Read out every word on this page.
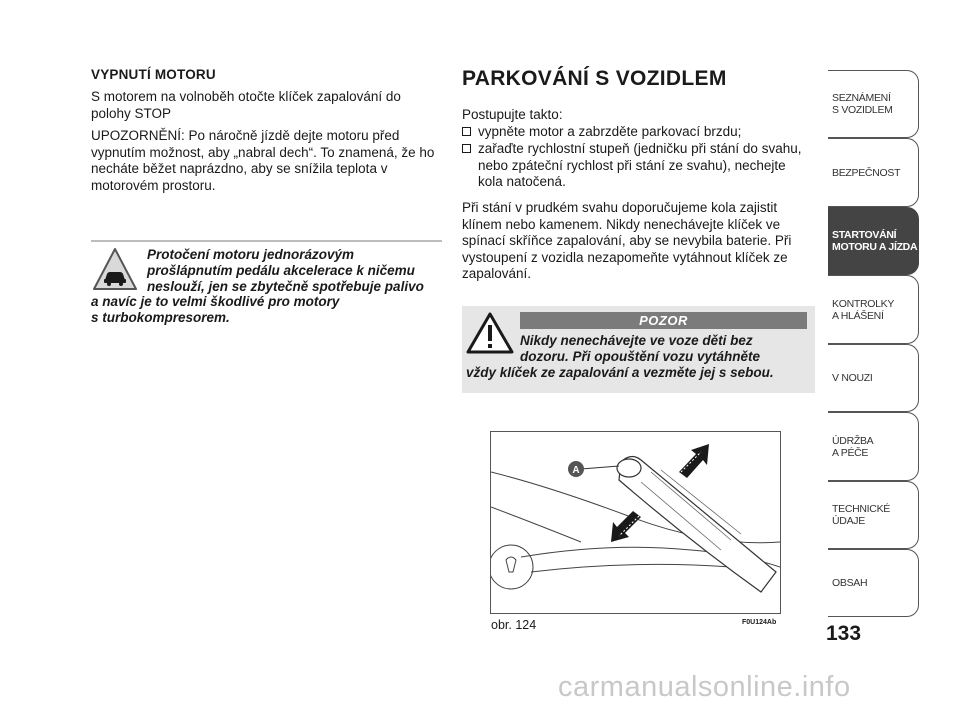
VYPNUTÍ MOTORU
S motorem na volnoběh otočte klíček zapalování do polohy STOP
UPOZORNĚNÍ: Po náročně jízdě dejte motoru před vypnutím možnost, aby „nabral dech“. To znamená, že ho necháte běžet naprázdno, aby se snížila teplota v motorovém prostoru.
Protočení motoru jednorázovým
prošlápnutím pedálu akcelerace k ničemu
neslouží, jen se zbytečně spotřebuje palivo
a navíc je to velmi škodlivé pro motory
s turbokompresorem.
PARKOVÁNÍ S VOZIDLEM
Postupujte takto:
vypněte motor a zabrzděte parkovací brzdu;
zařaďte rychlostní stupeň (jedničku při stání do svahu, nebo zpáteční rychlost při stání ze svahu), nechejte kola natočená.
Při stání v prudkém svahu doporučujeme kola zajistit klínem nebo kamenem. Nikdy nenechávejte klíček ve spínací skříňce zapalování, aby se nevybila baterie. Při vystoupení z vozidla nezapomeňte vytáhnout klíček ze zapalování.
POZOR
Nikdy nenechávejte ve voze děti bez
dozoru. Při opouštění vozu vytáhněte
vždy klíček ze zapalování a vezměte jej s sebou.
A
obr. 124	F0U124Ab
SEZNÁMENÍ
S VOZIDLEM
BEZPEČNOST
STARTOVÁNÍ
MOTORU A JÍZDA
KONTROLKY
A HLÁŠENÍ
V NOUZI
ÚDRŽBA
A PÉČE
TECHNICKÉ
ÚDAJE
OBSAH
133
carmanualsonline.info
